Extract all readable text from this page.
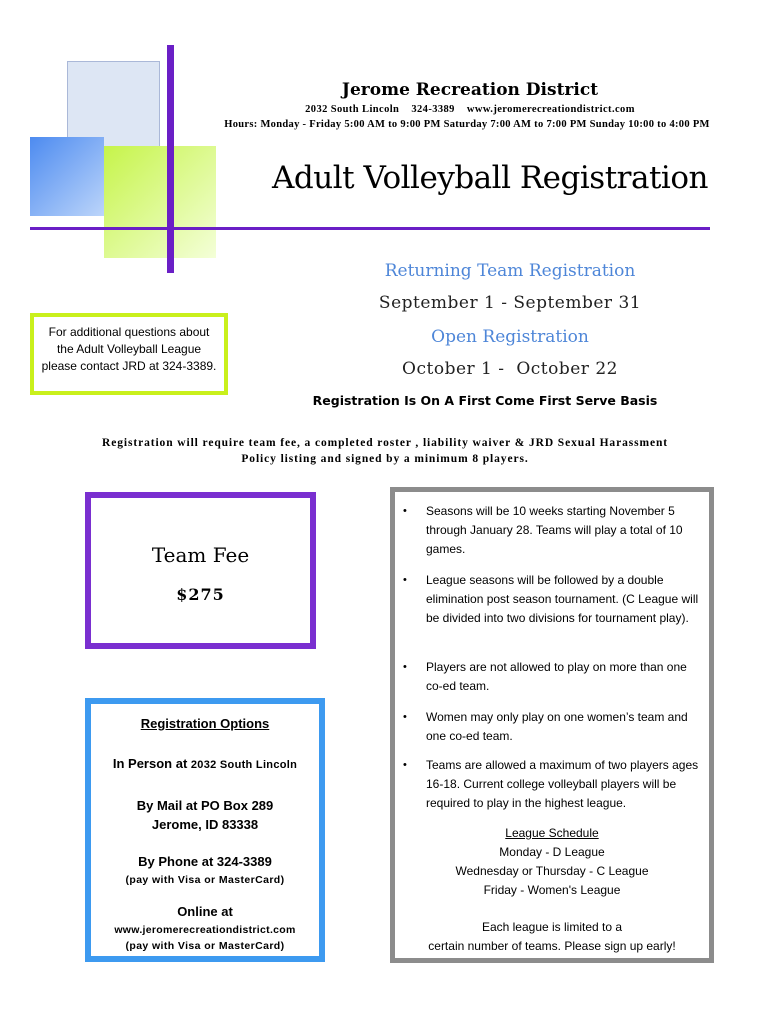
Jerome Recreation District
2032 South Lincoln    324-3389    www.jeromerecreationdistrict.com
Hours: Monday - Friday 5:00 AM to 9:00 PM Saturday 7:00 AM to 7:00 PM Sunday 10:00 to 4:00 PM
Adult Volleyball Registration
For additional questions about
the Adult Volleyball League
please contact JRD at 324-3389.
Returning Team Registration
September 1 - September 31
Open Registration
October 1 -  October 22
Registration Is On A First Come First Serve Basis
Registration will require team fee, a completed roster , liability waiver & JRD Sexual Harassment
Policy listing and signed by a minimum 8 players.
Team Fee
$275
Registration Options
In Person at 2032 South Lincoln
By Mail at PO Box 289
Jerome, ID 83338
By Phone at 324-3389
(pay with Visa or MasterCard)
Online at
www.jeromerecreationdistrict.com
(pay with Visa or MasterCard)
• Seasons will be 10 weeks starting November 5 through January 28. Teams will play a total of 10 games.
• League seasons will be followed by a double elimination post season tournament. (C League will be divided into two divisions for tournament play).
• Players are not allowed to play on more than one co-ed team.
• Women may only play on one women’s team and one co-ed team.
• Teams are allowed a maximum of two players ages 16-18. Current college volleyball players will be required to play in the highest league.
League Schedule
Monday - D League
Wednesday or Thursday - C League
Friday - Women's League
Each league is limited to a
certain number of teams. Please sign up early!
